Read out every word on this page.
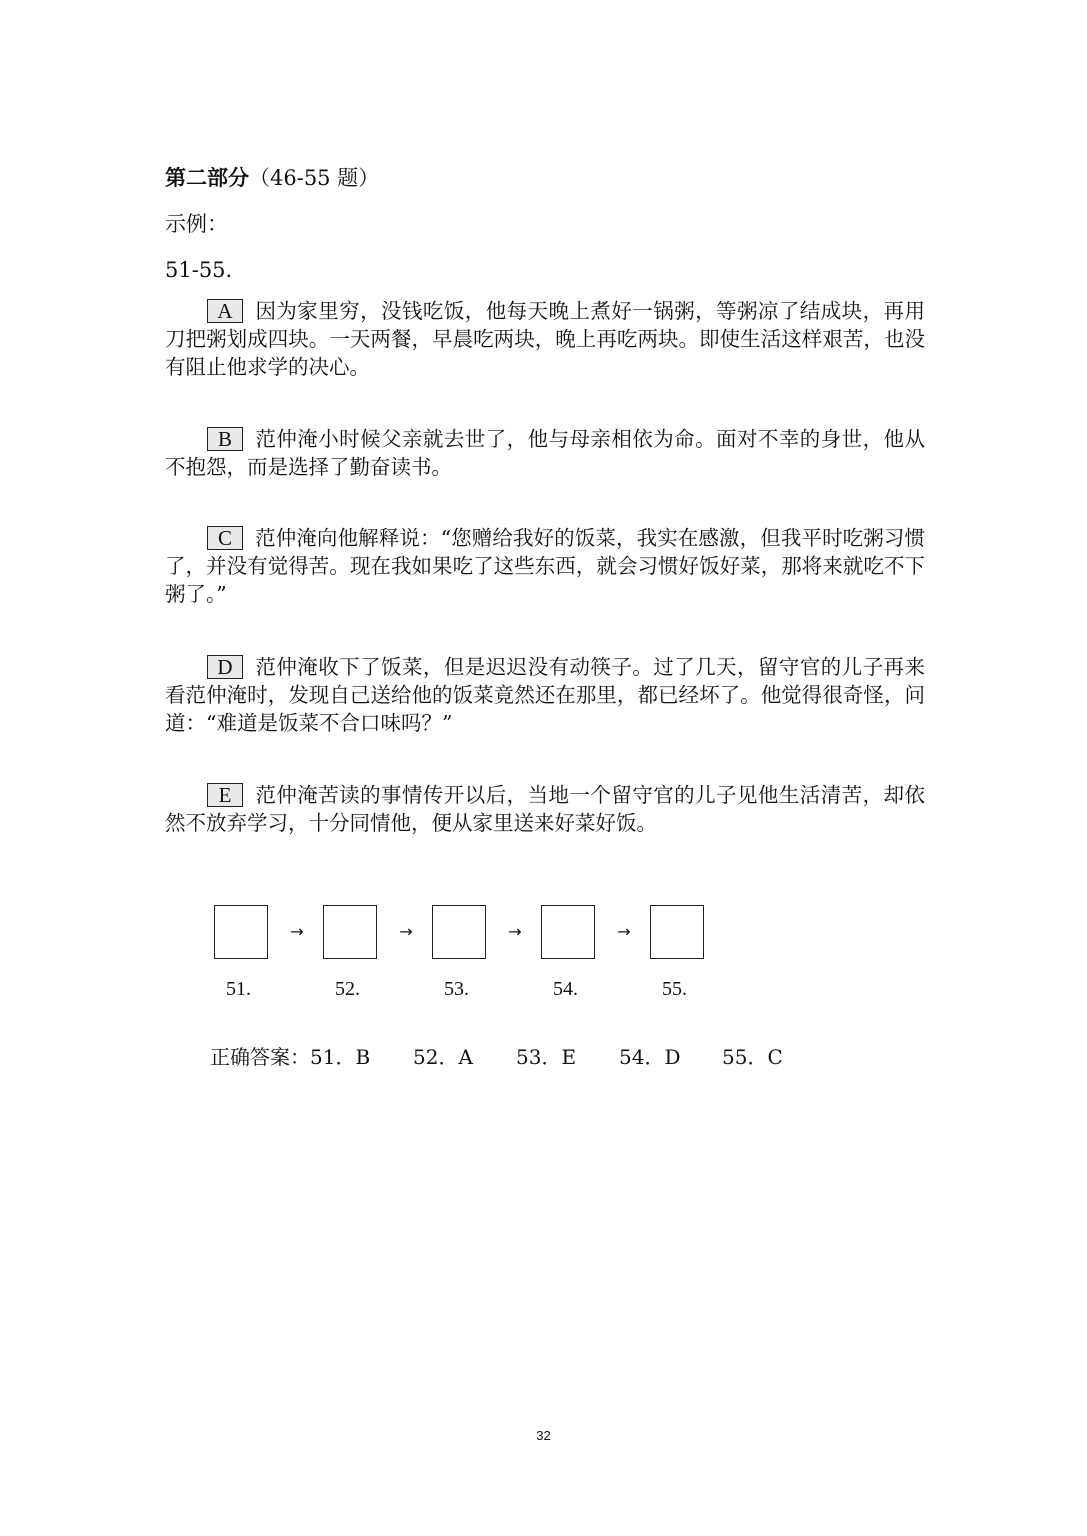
第二部分（46-55 题）
示例：
51-55.
A 因为家里穷，没钱吃饭，他每天晚上煮好一锅粥，等粥凉了结成块，再用刀把粥划成四块。一天两餐，早晨吃两块，晚上再吃两块。即使生活这样艰苦，也没有阻止他求学的决心。
B 范仲淹小时候父亲就去世了，他与母亲相依为命。面对不幸的身世，他从不抱怨，而是选择了勤奋读书。
C 范仲淹向他解释说：“您赠给我好的饭菜，我实在感激，但我平时吃粥习惯了，并没有觉得苦。现在我如果吃了这些东西，就会习惯好饭好菜，那将来就吃不下粥了。”
D 范仲淹收下了饭菜，但是迟迟没有动筷子。过了几天，留守官的儿子再来看范仲淹时，发现自己送给他的饭菜竟然还在那里，都已经坏了。他觉得很奇怪，问道：“难道是饭菜不合口味吗？”
E 范仲淹苦读的事情传开以后，当地一个留守官的儿子见他生活清苦，却依然不放弃学习，十分同情他，便从家里送来好菜好饭。
→	→	→	→
51.	52.	53.	54.	55.
正确答案：51．B 52．A 53．E 54．D 55．C
32
